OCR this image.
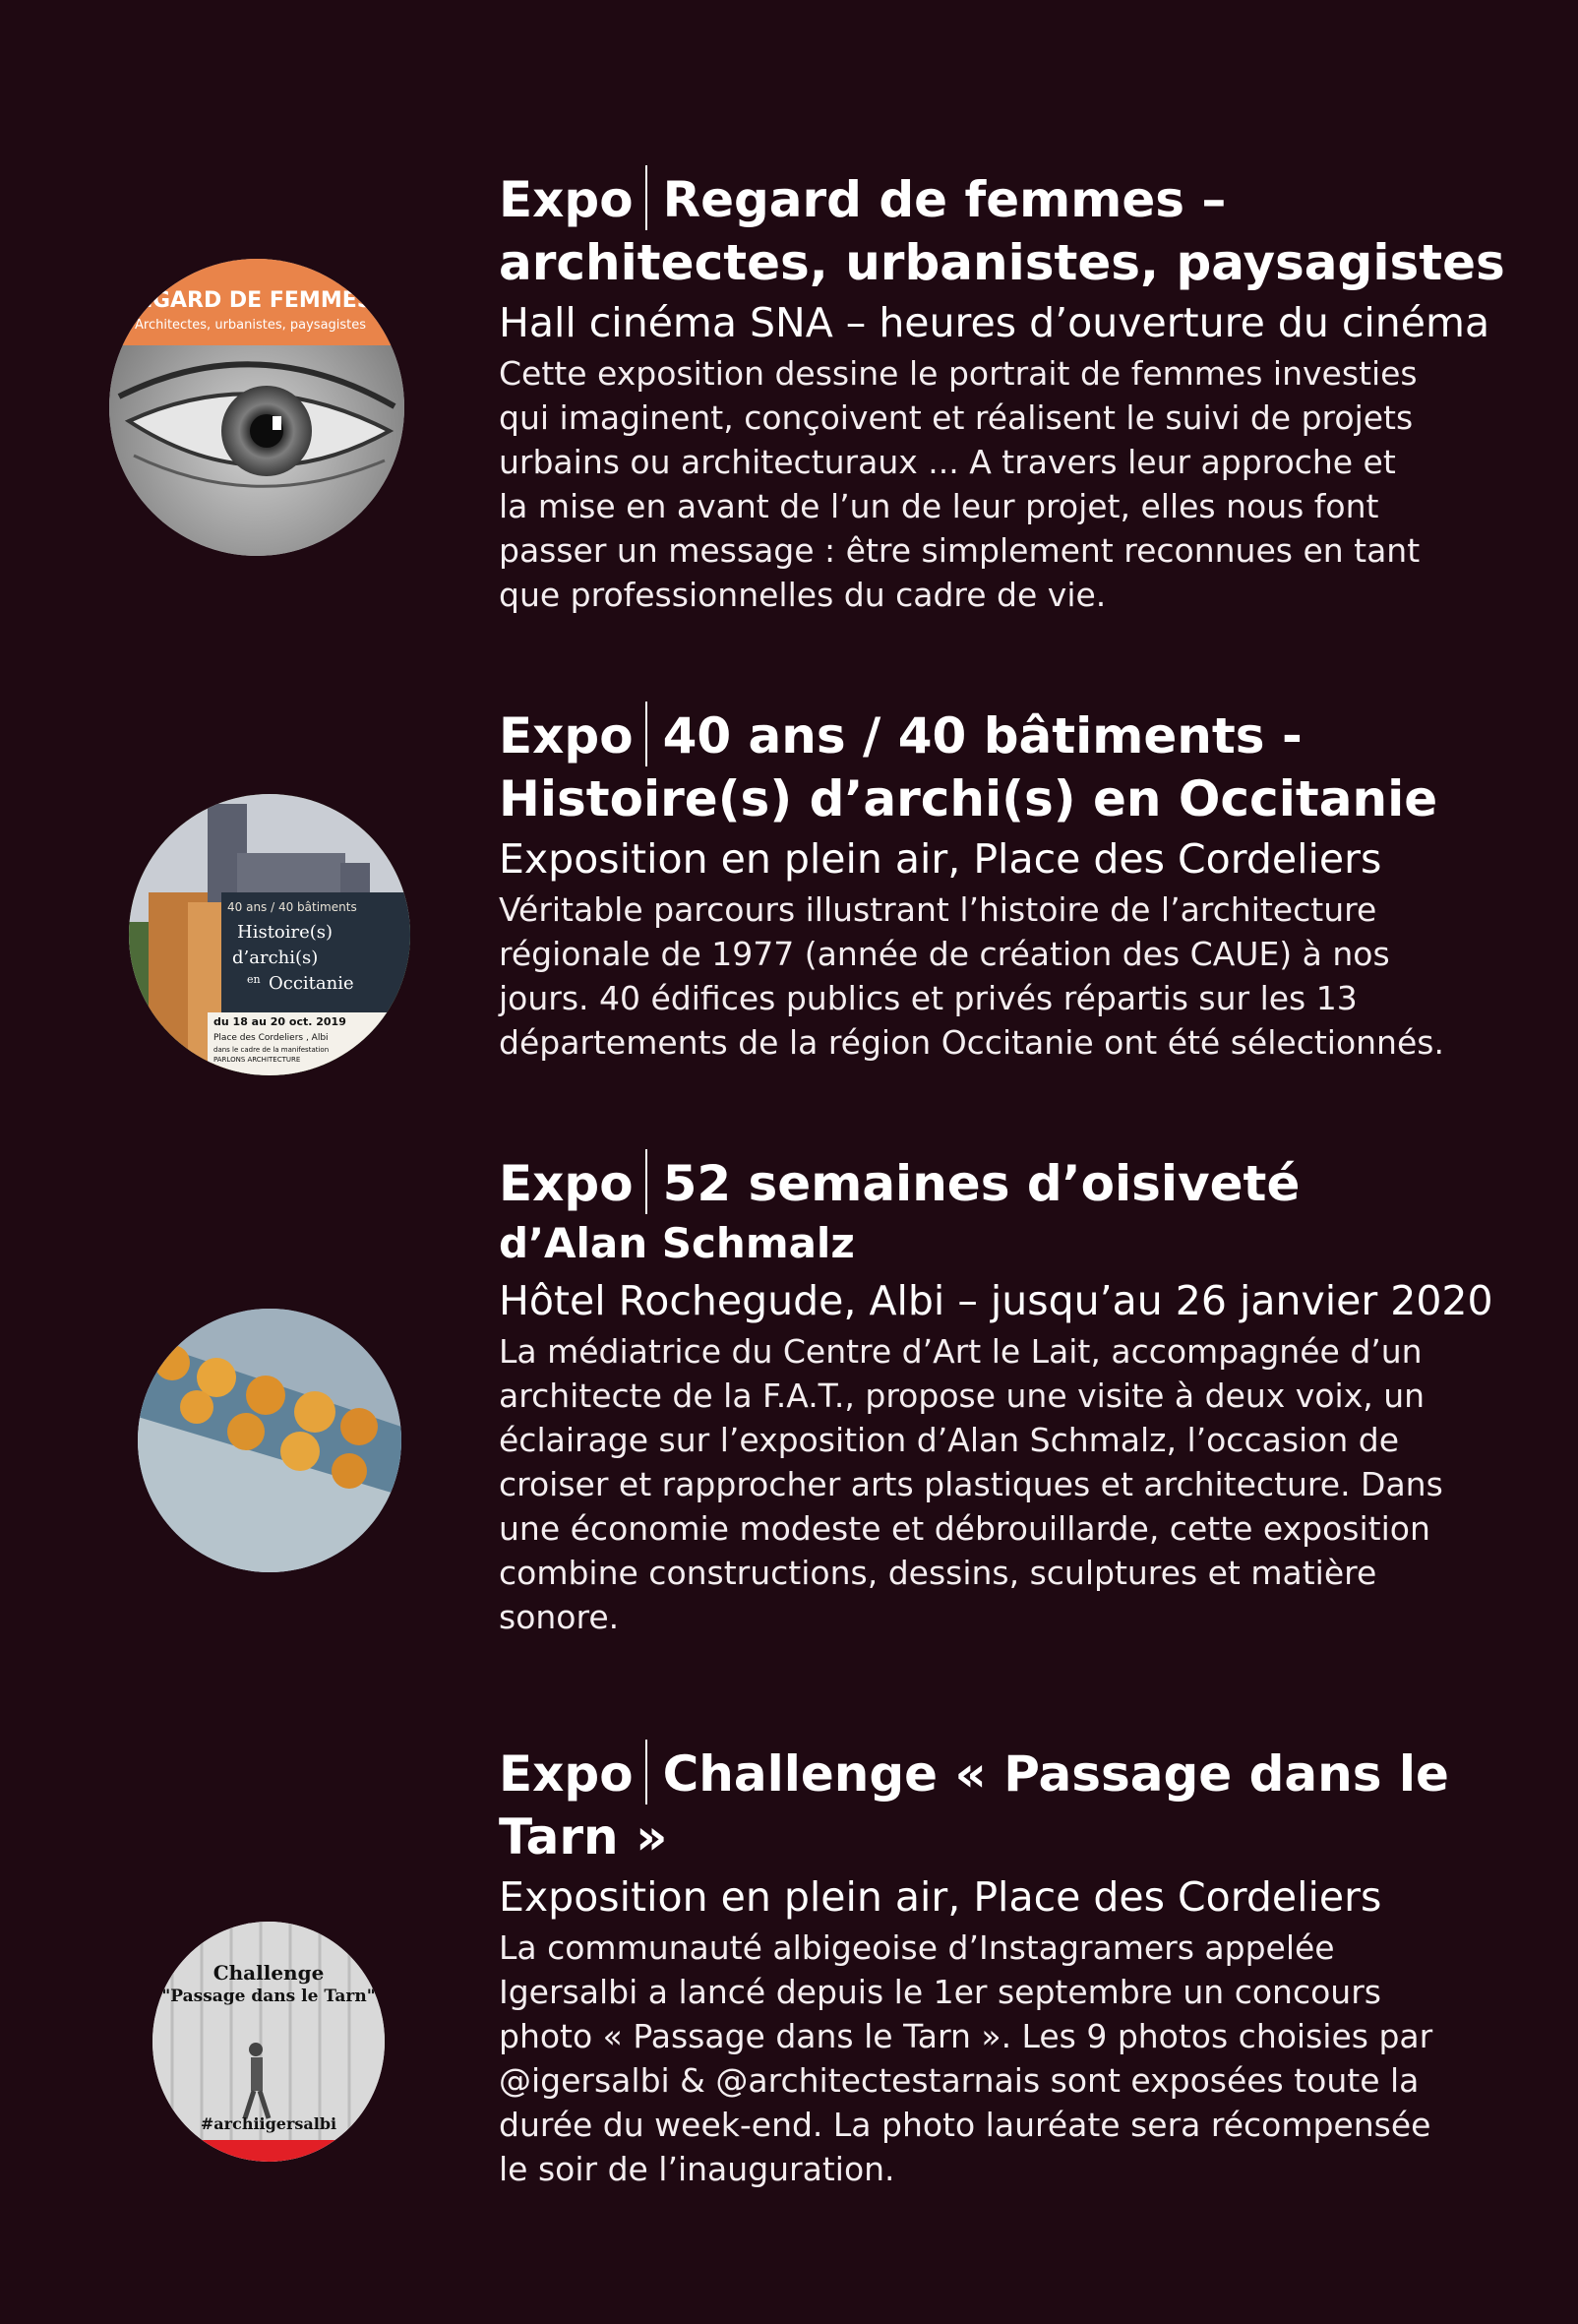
REGARD DE FEMMES
Architectes, urbanistes, paysagistes
Expo Regard de femmes –
architectes, urbanistes, paysagistes

Hall cinéma SNA – heures d’ouverture du cinéma

Cette exposition dessine le portrait de femmes investies
qui imaginent, conçoivent et réalisent le suivi de projets
urbains ou architecturaux ... A travers leur approche et
la mise en avant de l’un de leur projet, elles nous font
passer un message : être simplement reconnues en tant
que professionnelles du cadre de vie.

40 ans / 40 bâtiments
Histoire(s)
d’archi(s)
en Occitanie
du 18 au 20 oct. 2019
Place des Cordeliers , Albi
dans le cadre de la manifestation
PARLONS ARCHITECTURE
Expo 40 ans / 40 bâtiments -
Histoire(s) d’archi(s) en Occitanie

Exposition en plein air, Place des Cordeliers

Véritable parcours illustrant l’histoire de l’architecture
régionale de 1977 (année de création des CAUE) à nos
jours. 40 édifices publics et privés répartis sur les 13
départements de la région Occitanie ont été sélectionnés.

Expo 52 semaines d’oisiveté

d’Alan Schmalz

Hôtel Rochegude, Albi – jusqu’au 26 janvier 2020

La médiatrice du Centre d’Art le Lait, accompagnée d’un
architecte de la F.A.T., propose une visite à deux voix, un
éclairage sur l’exposition d’Alan Schmalz, l’occasion de
croiser et rapprocher arts plastiques et architecture. Dans
une économie modeste et débrouillarde, cette exposition
combine constructions, dessins, sculptures et matière
sonore.

Challenge
"Passage dans le Tarn"
#archiigersalbi
Expo Challenge « Passage dans le
Tarn »

Exposition en plein air, Place des Cordeliers

La communauté albigeoise d’Instagramers appelée
Igersalbi a lancé depuis le 1er septembre un concours
photo « Passage dans le Tarn ». Les 9 photos choisies par
@igersalbi & @architectestarnais sont exposées toute la
durée du week-end. La photo lauréate sera récompensée
le soir de l’inauguration.
